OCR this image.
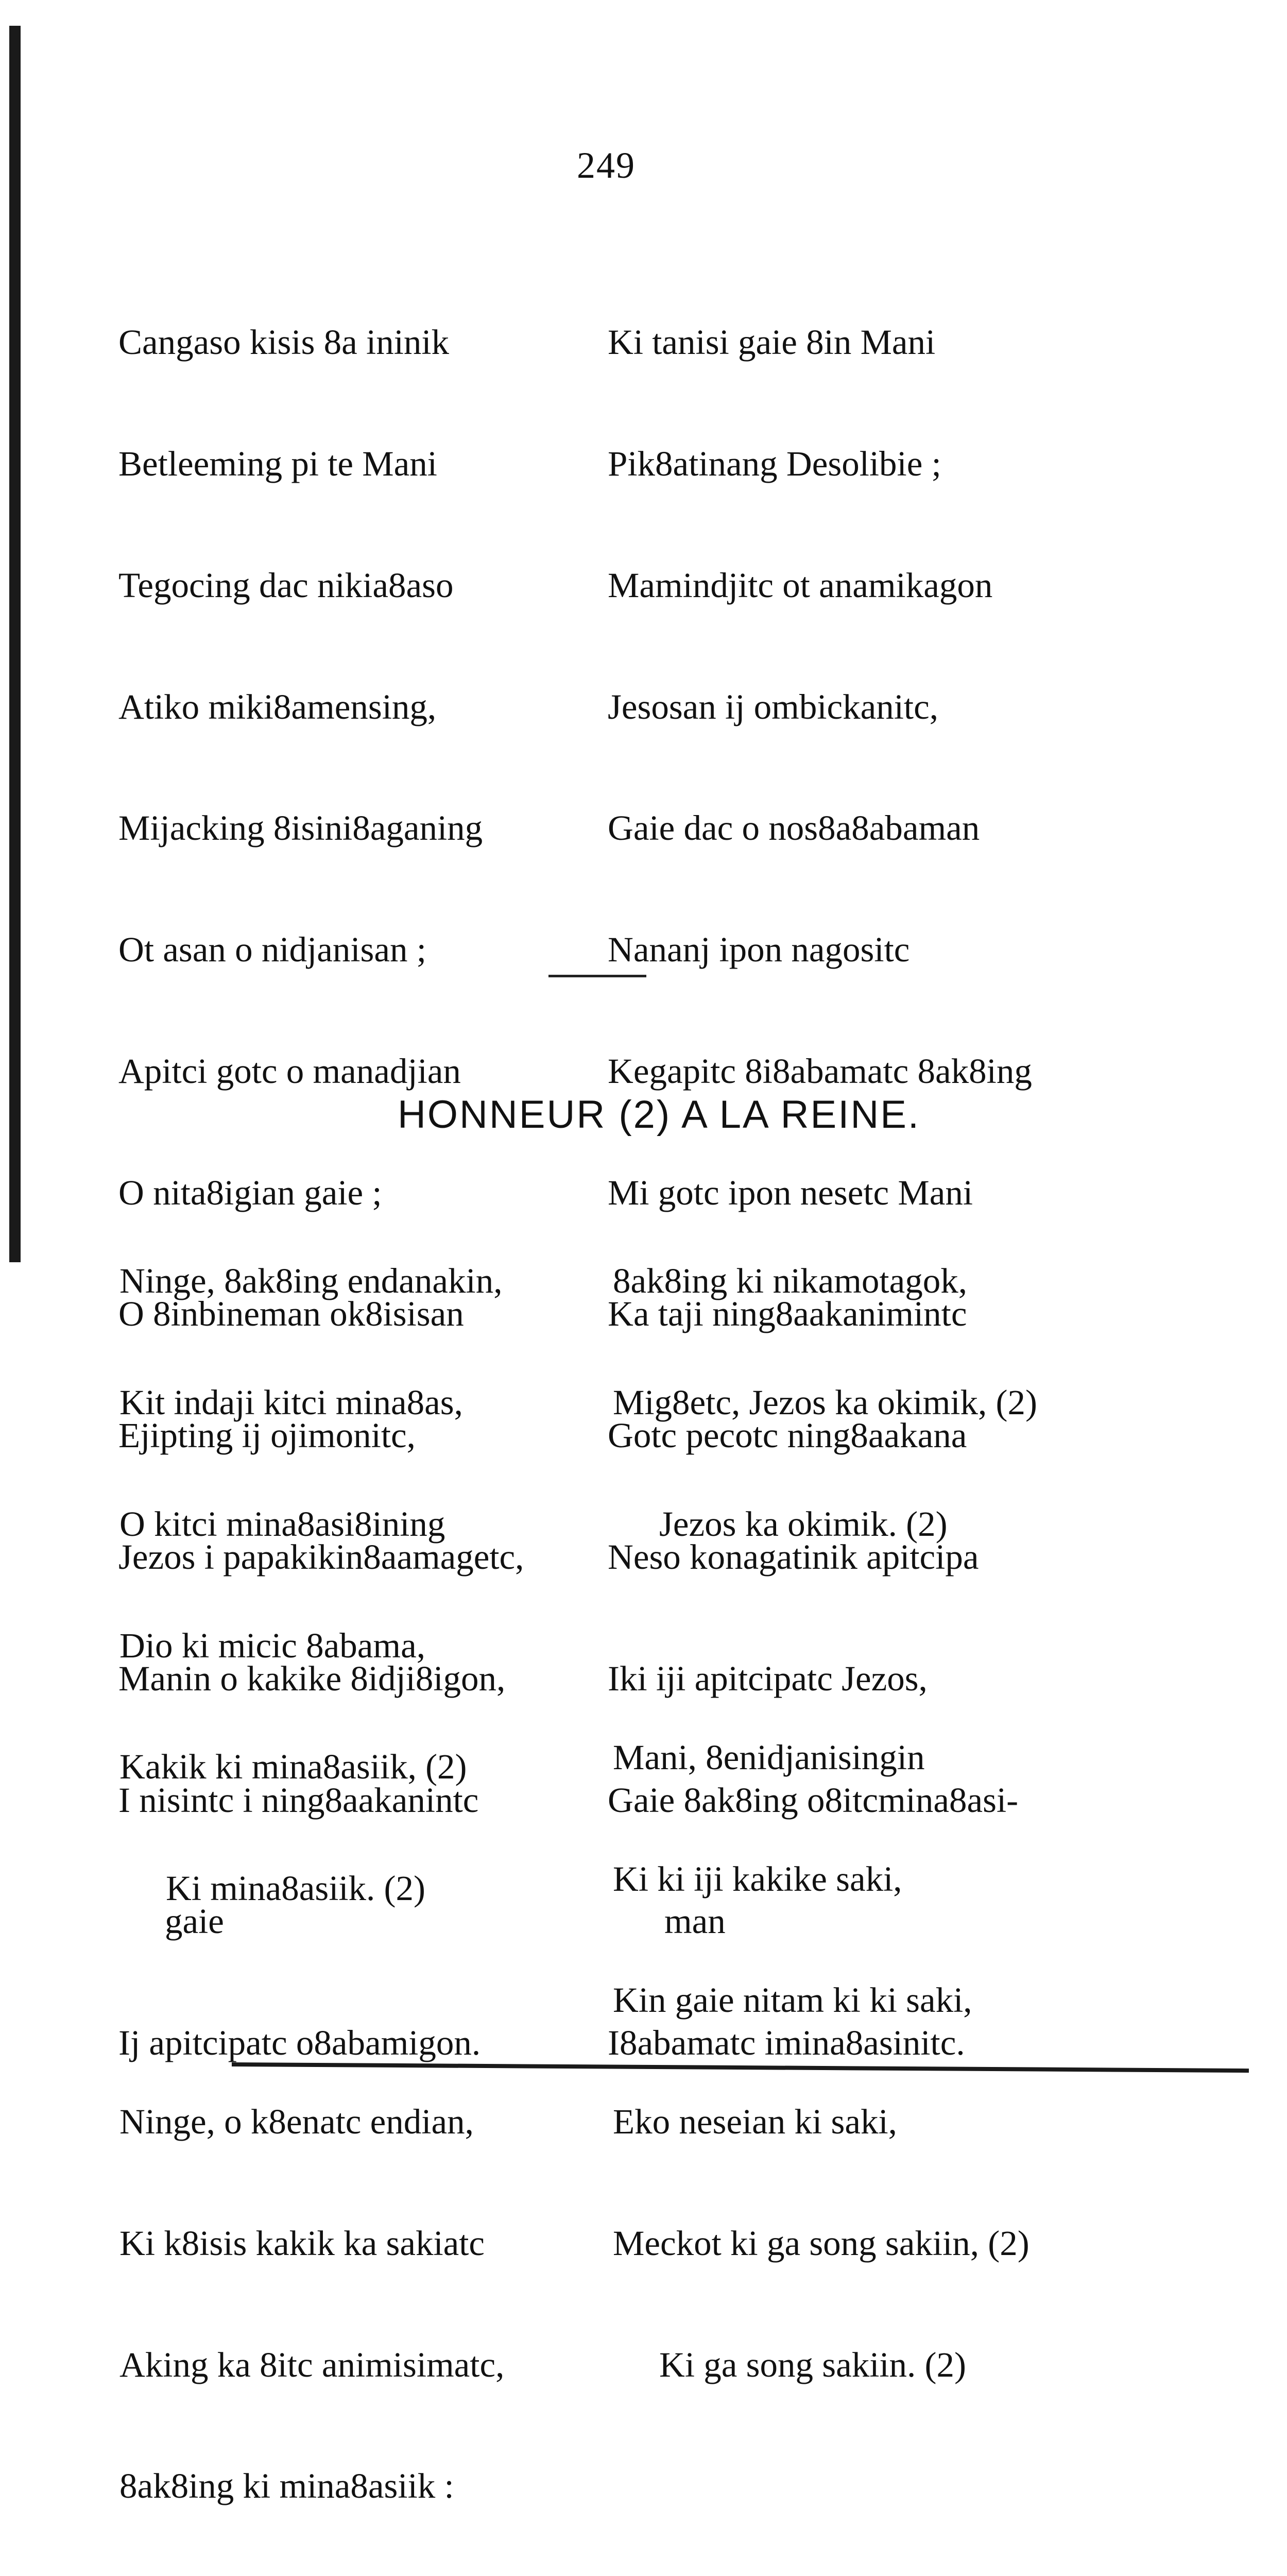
249

Cangaso kisis 8a ininik

Betleeming pi te Mani

Tegocing dac nikia8aso

Atiko miki8amensing,

Mijacking 8isini8aganing

Ot asan o nidjanisan ;

Apitci gotc o manadjian

O nita8igian gaie ;

O 8inbineman ok8isisan

Ejipting ij ojimonitc,

Jezos i papakikin8aamagetc,

Manin o kakike 8idji8igon,

I nisintc i ning8aakanintc

gaie

Ij apitcipatc o8abamigon.

Ki tanisi gaie 8in Mani

Pik8atinang Desolibie ;

Mamindjitc ot anamikagon

Jesosan ij ombickanitc,

Gaie dac o nos8a8abaman

Nananj ipon nagositc

Kegapitc 8i8abamatc 8ak8ing

Mi gotc ipon nesetc Mani

Ka taji ning8aakanimintc

Gotc pecotc ning8aakana

Neso konagatinik apitcipa

Iki iji apitcipatc Jezos,

Gaie 8ak8ing o8itcmina8asi-

man

I8abamatc imina8asinitc.

HONNEUR (2) A LA REINE.

Ninge, 8ak8ing endanakin,

Kit indaji kitci mina8as,

O kitci mina8asi8ining

Dio ki micic 8abama,

Kakik ki mina8asiik, (2)

Ki mina8asiik. (2)

Ninge, o k8enatc endian,

Ki k8isis kakik ka sakiatc

Aking ka 8itc animisimatc,

8ak8ing ki mina8asiik :

8ak8ing ki nikamotagok,

Mig8etc, Jezos ka okimik, (2)

Jezos ka okimik. (2)

Mani, 8enidjanisingin

Ki ki iji kakike saki,

Kin gaie nitam ki ki saki,

Eko neseian ki saki,

Meckot ki ga song sakiin, (2)

Ki ga song sakiin. (2)
